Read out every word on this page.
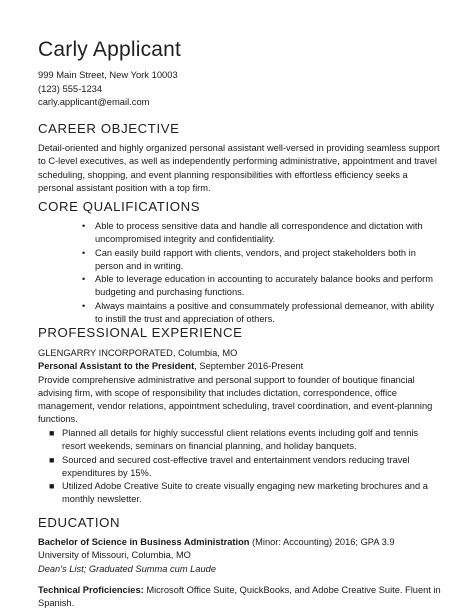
Carly Applicant
999 Main Street, New York 10003
(123) 555-1234
carly.applicant@email.com
CAREER OBJECTIVE
Detail-oriented and highly organized personal assistant well-versed in providing seamless support to C-level executives, as well as independently performing administrative, appointment and travel scheduling, shopping, and event planning responsibilities with effortless efficiency seeks a personal assistant position with a top firm.
CORE QUALIFICATIONS
• Able to process sensitive data and handle all correspondence and dictation with uncompromised integrity and confidentiality.
• Can easily build rapport with clients, vendors, and project stakeholders both in person and in writing.
• Able to leverage education in accounting to accurately balance books and perform budgeting and purchasing functions.
• Always maintains a positive and consummately professional demeanor, with ability to instill the trust and appreciation of others.
PROFESSIONAL EXPERIENCE
GLENGARRY INCORPORATED, Columbia, MO
Personal Assistant to the President, September 2016-Present
Provide comprehensive administrative and personal support to founder of boutique financial advising firm, with scope of responsibility that includes dictation, correspondence, office management, vendor relations, appointment scheduling, travel coordination, and event-planning functions.
■ Planned all details for highly successful client relations events including golf and tennis resort weekends, seminars on financial planning, and holiday banquets.
■ Sourced and secured cost-effective travel and entertainment vendors reducing travel expenditures by 15%.
■ Utilized Adobe Creative Suite to create visually engaging new marketing brochures and a monthly newsletter.
EDUCATION
Bachelor of Science in Business Administration (Minor: Accounting) 2016; GPA 3.9
University of Missouri, Columbia, MO
Dean's List; Graduated Summa cum Laude
Technical Proficiencies: Microsoft Office Suite, QuickBooks, and Adobe Creative Suite. Fluent in Spanish.
